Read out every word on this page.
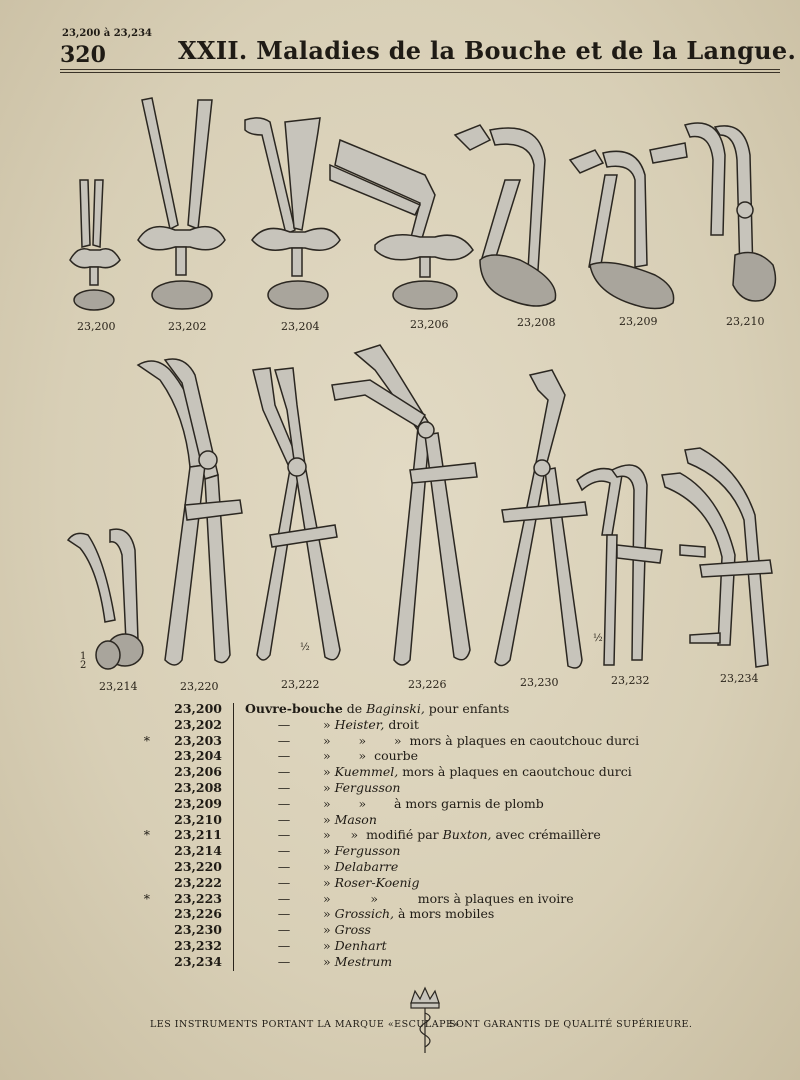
23,200 à 23,234
320	XXII. Maladies de la Bouche et de la Langue.
23,200	23,202	23,204	23,206	23,208	23,209	23,210
1
2
23,214	23,220
½
23,222	23,226	23,230
½
23,232	23,234
23,200 Ouvre-bouche de Baginski, pour enfants
23,202	—	» Heister, droit
* 23,203	—	»       »       »  mors à plaques en caoutchouc durci
23,204	—	»       »  courbe
23,206	—	» Kuemmel, mors à plaques en caoutchouc durci
23,208	—	» Fergusson
23,209	—	»       »       à mors garnis de plomb
23,210	—	» Mason
* 23,211	—	»     »  modifié par Buxton, avec crémaillère
23,214	—	» Fergusson
23,220	—	» Delabarre
23,222	—	» Roser-Koenig
* 23,223	—	»          »          mors à plaques en ivoire
23,226	—	» Grossich, à mors mobiles
23,230	—	» Gross
23,232	—	» Denhart
23,234	—	» Mestrum
LES INSTRUMENTS PORTANT LA MARQUE «ESCULAPE»
SONT GARANTIS DE QUALITÉ SUPÉRIEURE.
